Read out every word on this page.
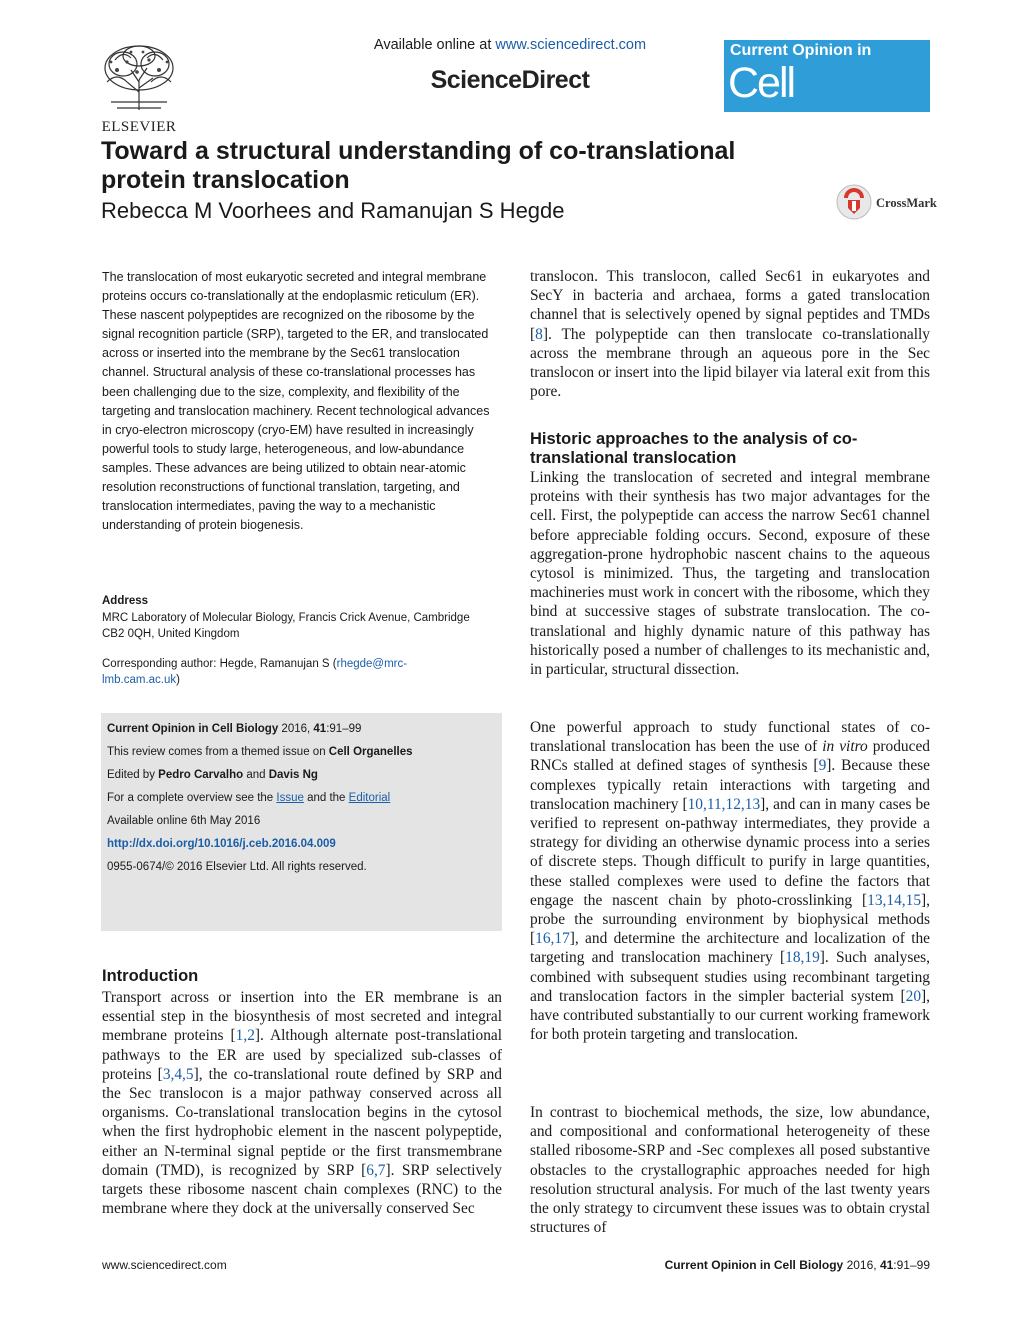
ELSEVIER
Available online at www.sciencedirect.com
ScienceDirect
Current Opinion in
Cell Biology
Toward a structural understanding of co-translational protein translocation
Rebecca M Voorhees and Ramanujan S Hegde	CrossMark
The translocation of most eukaryotic secreted and integral membrane proteins occurs co-translationally at the endoplasmic reticulum (ER). These nascent polypeptides are recognized on the ribosome by the signal recognition particle (SRP), targeted to the ER, and translocated across or inserted into the membrane by the Sec61 translocation channel. Structural analysis of these co-translational processes has been challenging due to the size, complexity, and flexibility of the targeting and translocation machinery. Recent technological advances in cryo-electron microscopy (cryo-EM) have resulted in increasingly powerful tools to study large, heterogeneous, and low-abundance samples. These advances are being utilized to obtain near-atomic resolution reconstructions of functional translation, targeting, and translocation intermediates, paving the way to a mechanistic understanding of protein biogenesis.
Address
MRC Laboratory of Molecular Biology, Francis Crick Avenue, Cambridge
CB2 0QH, United Kingdom
Corresponding author: Hegde, Ramanujan S (rhegde@mrc-
lmb.cam.ac.uk)
Current Opinion in Cell Biology 2016, 41:91–99
This review comes from a themed issue on Cell Organelles
Edited by Pedro Carvalho and Davis Ng
For a complete overview see the Issue and the Editorial
Available online 6th May 2016
http://dx.doi.org/10.1016/j.ceb.2016.04.009
0955-0674/© 2016 Elsevier Ltd. All rights reserved.
Introduction
Transport across or insertion into the ER membrane is an essential step in the biosynthesis of most secreted and integral membrane proteins [1,2]. Although alternate post-translational pathways to the ER are used by specialized sub-classes of proteins [3,4,5], the co-translational route defined by SRP and the Sec translocon is a major pathway conserved across all organisms. Co-translational translocation begins in the cytosol when the first hydrophobic element in the nascent polypeptide, either an N-terminal signal peptide or the first transmembrane domain (TMD), is recognized by SRP [6,7]. SRP selectively targets these ribosome nascent chain complexes (RNC) to the membrane where they dock at the universally conserved Sec
translocon. This translocon, called Sec61 in eukaryotes and SecY in bacteria and archaea, forms a gated translocation channel that is selectively opened by signal peptides and TMDs [8]. The polypeptide can then translocate co-translationally across the membrane through an aqueous pore in the Sec translocon or insert into the lipid bilayer via lateral exit from this pore.
Historic approaches to the analysis of co-translational translocation
Linking the translocation of secreted and integral membrane proteins with their synthesis has two major advantages for the cell. First, the polypeptide can access the narrow Sec61 channel before appreciable folding occurs. Second, exposure of these aggregation-prone hydrophobic nascent chains to the aqueous cytosol is minimized. Thus, the targeting and translocation machineries must work in concert with the ribosome, which they bind at successive stages of substrate translocation. The co-translational and highly dynamic nature of this pathway has historically posed a number of challenges to its mechanistic and, in particular, structural dissection.
One powerful approach to study functional states of co-translational translocation has been the use of in vitro produced RNCs stalled at defined stages of synthesis [9]. Because these complexes typically retain interactions with targeting and translocation machinery [10,11,12,13], and can in many cases be verified to represent on-pathway intermediates, they provide a strategy for dividing an otherwise dynamic process into a series of discrete steps. Though difficult to purify in large quantities, these stalled complexes were used to define the factors that engage the nascent chain by photo-crosslinking [13,14,15], probe the surrounding environment by biophysical methods [16,17], and determine the architecture and localization of the targeting and translocation machinery [18,19]. Such analyses, combined with subsequent studies using recombinant targeting and translocation factors in the simpler bacterial system [20], have contributed substantially to our current working framework for both protein targeting and translocation.
In contrast to biochemical methods, the size, low abundance, and compositional and conformational heterogeneity of these stalled ribosome-SRP and -Sec complexes all posed substantive obstacles to the crystallographic approaches needed for high resolution structural analysis. For much of the last twenty years the only strategy to circumvent these issues was to obtain crystal structures of
www.sciencedirect.com	Current Opinion in Cell Biology 2016, 41:91–99
